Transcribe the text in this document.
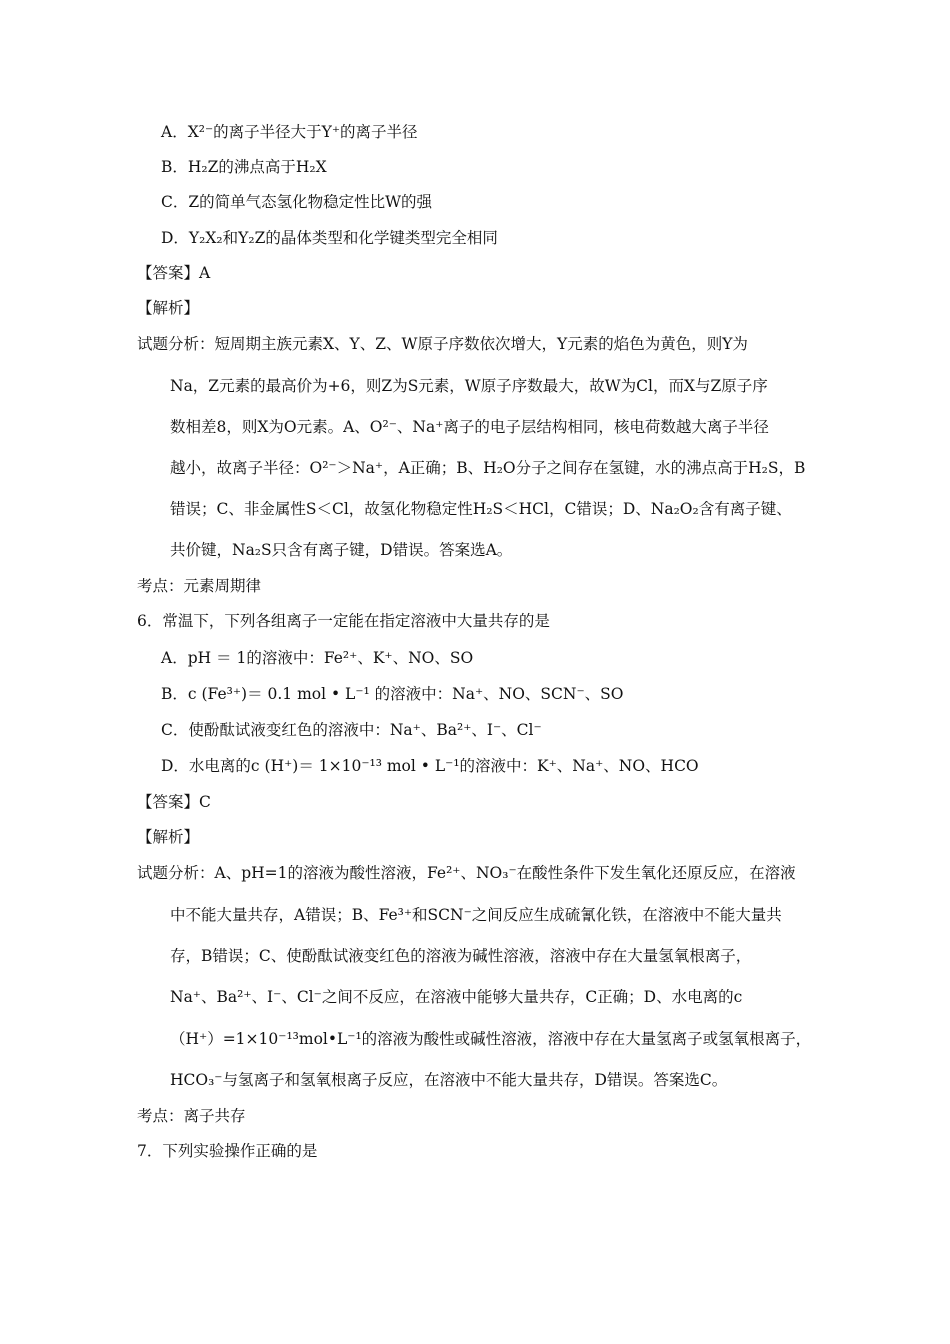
A．X²⁻的离子半径大于Y⁺的离子半径
B．H₂Z的沸点高于H₂X
C．Z的简单气态氢化物稳定性比W的强
D．Y₂X₂和Y₂Z的晶体类型和化学键类型完全相同
【答案】A
【解析】
试题分析：短周期主族元素X、Y、Z、W原子序数依次增大，Y元素的焰色为黄色，则Y为
Na，Z元素的最高价为+6，则Z为S元素，W原子序数最大，故W为Cl，而X与Z原子序
数相差8，则X为O元素。A、O²⁻、Na⁺离子的电子层结构相同，核电荷数越大离子半径
越小，故离子半径：O²⁻＞Na⁺，A正确；B、H₂O分子之间存在氢键，水的沸点高于H₂S，B
错误；C、非金属性S＜Cl，故氢化物稳定性H₂S＜HCl，C错误；D、Na₂O₂含有离子键、
共价键，Na₂S只含有离子键，D错误。答案选A。
考点：元素周期律
6．常温下，下列各组离子一定能在指定溶液中大量共存的是
A．pH ＝ 1的溶液中：Fe²⁺、K⁺、NO、SO
B．c (Fe³⁺)＝ 0.1 mol • L⁻¹ 的溶液中：Na⁺、NO、SCN⁻、SO
C．使酚酞试液变红色的溶液中：Na⁺、Ba²⁺、I⁻、Cl⁻
D．水电离的c (H⁺)＝ 1×10⁻¹³ mol • L⁻¹的溶液中：K⁺、Na⁺、NO、HCO
【答案】C
【解析】
试题分析：A、pH=1的溶液为酸性溶液，Fe²⁺、NO₃⁻在酸性条件下发生氧化还原反应，在溶液
中不能大量共存，A错误；B、Fe³⁺和SCN⁻之间反应生成硫氰化铁，在溶液中不能大量共
存，B错误；C、使酚酞试液变红色的溶液为碱性溶液，溶液中存在大量氢氧根离子，
Na⁺、Ba²⁺、I⁻、Cl⁻之间不反应，在溶液中能够大量共存，C正确；D、水电离的c
（H⁺）=1×10⁻¹³mol•L⁻¹的溶液为酸性或碱性溶液，溶液中存在大量氢离子或氢氧根离子，
HCO₃⁻与氢离子和氢氧根离子反应，在溶液中不能大量共存，D错误。答案选C。
考点：离子共存
7．下列实验操作正确的是
